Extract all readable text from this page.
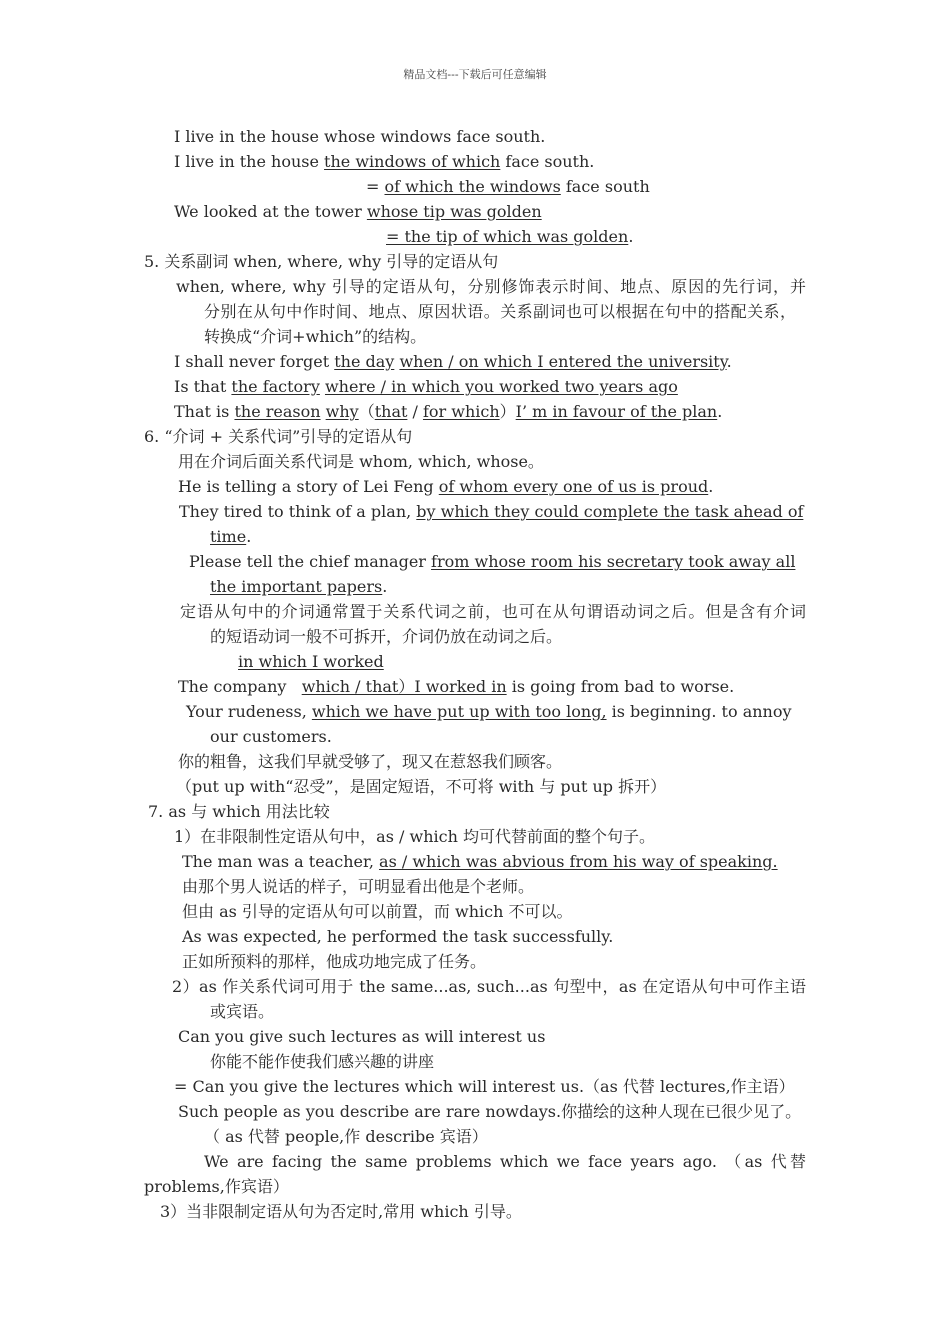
精品文档---下载后可任意编辑
I live in the house whose windows face south.
I live in the house the windows of which face south.
= of which the windows face south
We looked at the tower whose tip was golden
= the tip of which was golden.
5. 关系副词 when, where, why 引导的定语从句
when, where, why 引导的定语从句，分别修饰表示时间、地点、原因的先行词，并
分别在从句中作时间、地点、原因状语。关系副词也可以根据在句中的搭配关系，
转换成“介词+which”的结构。
I shall never forget the day when / on which I entered the university.
Is that the factory where / in which you worked two years ago
That is the reason why（that / for which）I’ m in favour of the plan.
6. “介词 + 关系代词”引导的定语从句
用在介词后面关系代词是 whom, which, whose。
He is telling a story of Lei Feng of whom every one of us is proud.
They tired to think of a plan, by which they could complete the task ahead of
time.
Please tell the chief manager from whose room his secretary took away all
the important papers.
定语从句中的介词通常置于关系代词之前，也可在从句谓语动词之后。但是含有介词
的短语动词一般不可拆开，介词仍放在动词之后。
in which I worked
The company   which / that）I worked in is going from bad to worse.
Your rudeness, which we have put up with too long, is beginning. to annoy
our customers.
你的粗鲁，这我们早就受够了，现又在惹怒我们顾客。
（put up with“忍受”，是固定短语，不可将 with 与 put up 拆开）
7. as 与 which 用法比较
1）在非限制性定语从句中，as / which 均可代替前面的整个句子。
The man was a teacher, as / which was abvious from his way of speaking.
由那个男人说话的样子，可明显看出他是个老师。
但由 as 引导的定语从句可以前置，而 which 不可以。
As was expected, he performed the task successfully.
正如所预料的那样，他成功地完成了任务。
2）as 作关系代词可用于 the same...as, such...as 句型中，as 在定语从句中可作主语
或宾语。
Can you give such lectures as will interest us
你能不能作使我们感兴趣的讲座
= Can you give the lectures which will interest us.（as 代替 lectures,作主语）
Such people as you describe are rare nowdays.你描绘的这种人现在已很少见了。
（ as 代替 people,作 describe 宾语）
We are facing the same problems which we face years ago. （as 代替
problems,作宾语）
3）当非限制定语从句为否定时,常用 which 引导。
